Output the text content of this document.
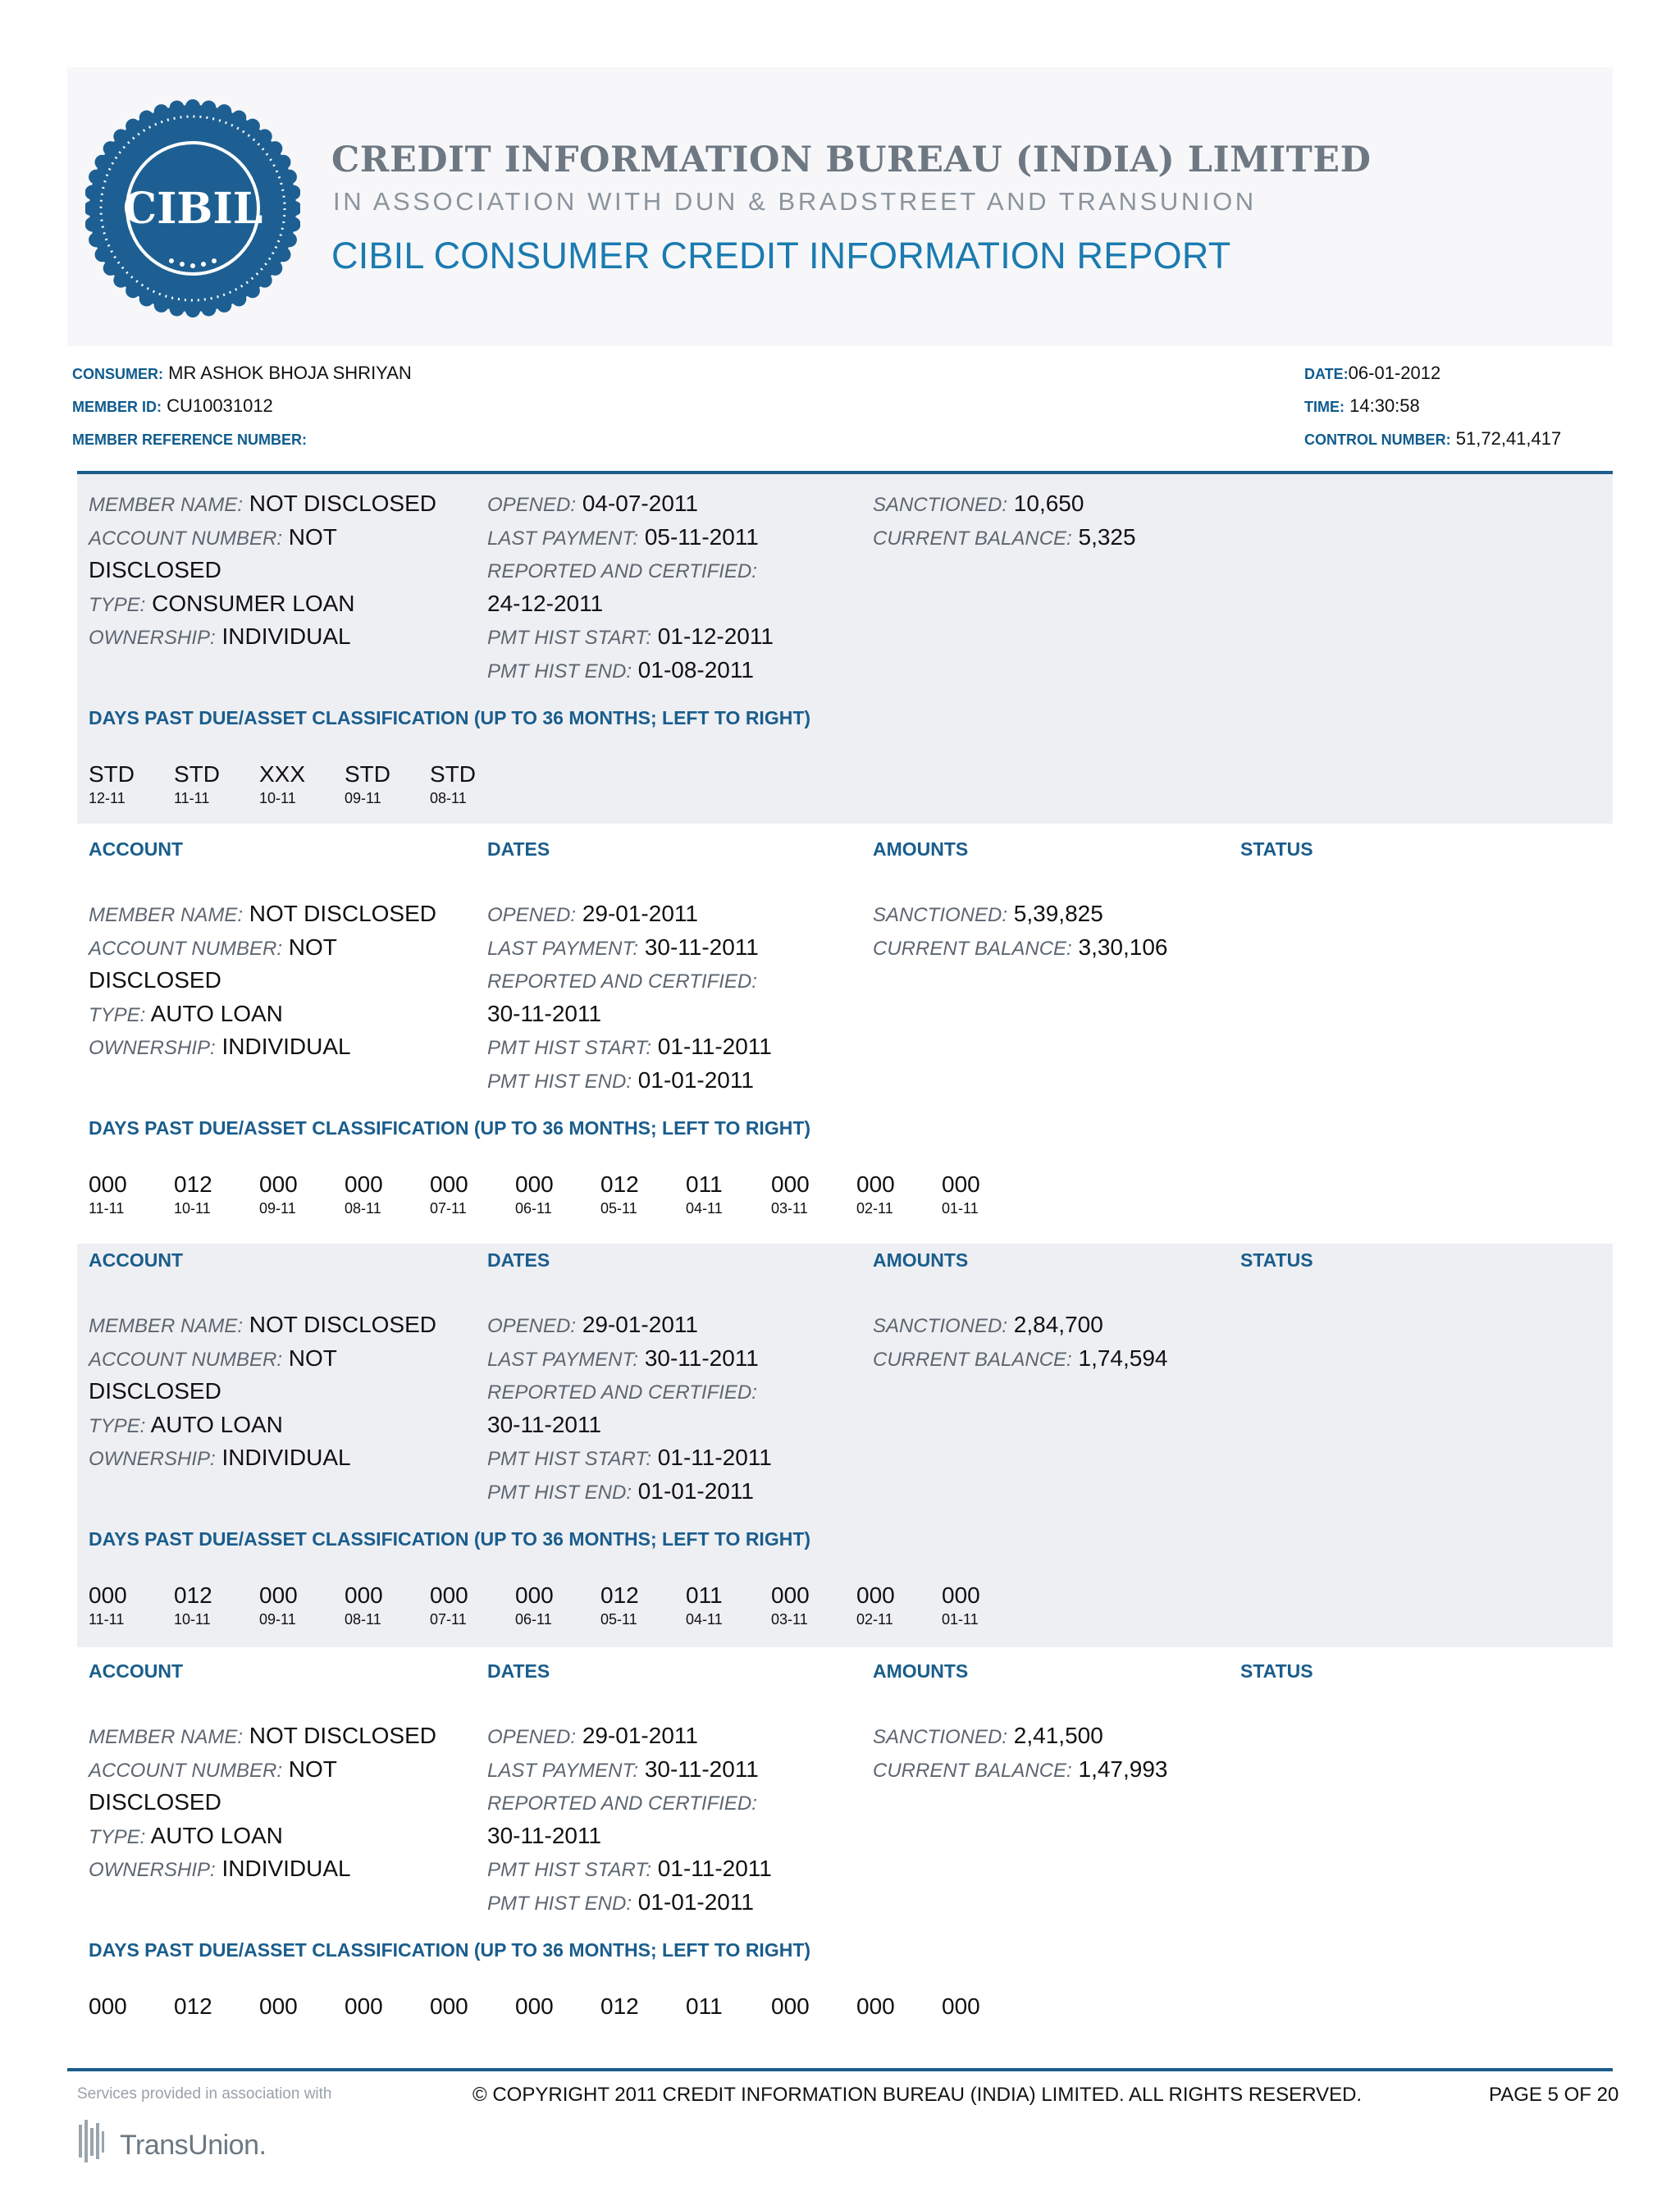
CIBIL
CREDIT INFORMATION BUREAU (INDIA) LIMITED
IN ASSOCIATION WITH DUN & BRADSTREET AND TRANSUNION
CIBIL CONSUMER CREDIT INFORMATION REPORT
CONSUMER: MR ASHOK BHOJA SHRIYAN
MEMBER ID: CU10031012
MEMBER REFERENCE NUMBER:
DATE:06-01-2012
TIME: 14:30:58
CONTROL NUMBER: 51,72,41,417
MEMBER NAME: NOT DISCLOSED
ACCOUNT NUMBER: NOT
DISCLOSED
TYPE: CONSUMER LOAN
OWNERSHIP: INDIVIDUAL
OPENED: 04-07-2011
LAST PAYMENT: 05-11-2011
REPORTED AND CERTIFIED:
24-12-2011
PMT HIST START: 01-12-2011
PMT HIST END: 01-08-2011
SANCTIONED: 10,650
CURRENT BALANCE: 5,325
DAYS PAST DUE/ASSET CLASSIFICATION (UP TO 36 MONTHS; LEFT TO RIGHT)
STD STD XXX STD STD
12-11	11-11	10-11	09-11	08-11
ACCOUNT	DATES	AMOUNTS	STATUS
MEMBER NAME: NOT DISCLOSED
ACCOUNT NUMBER: NOT
DISCLOSED
TYPE: AUTO LOAN
OWNERSHIP: INDIVIDUAL
OPENED: 29-01-2011
LAST PAYMENT: 30-11-2011
REPORTED AND CERTIFIED:
30-11-2011
PMT HIST START: 01-11-2011
PMT HIST END: 01-01-2011
SANCTIONED: 5,39,825
CURRENT BALANCE: 3,30,106
DAYS PAST DUE/ASSET CLASSIFICATION (UP TO 36 MONTHS; LEFT TO RIGHT)
000 012 000 000 000 000 012 011 000 000 000
11-11	10-11	09-11	08-11	07-11	06-11	05-11	04-11	03-11	02-11	01-11
ACCOUNT	DATES	AMOUNTS	STATUS
MEMBER NAME: NOT DISCLOSED
ACCOUNT NUMBER: NOT
DISCLOSED
TYPE: AUTO LOAN
OWNERSHIP: INDIVIDUAL
OPENED: 29-01-2011
LAST PAYMENT: 30-11-2011
REPORTED AND CERTIFIED:
30-11-2011
PMT HIST START: 01-11-2011
PMT HIST END: 01-01-2011
SANCTIONED: 2,84,700
CURRENT BALANCE: 1,74,594
DAYS PAST DUE/ASSET CLASSIFICATION (UP TO 36 MONTHS; LEFT TO RIGHT)
000 012 000 000 000 000 012 011 000 000 000
11-11	10-11	09-11	08-11	07-11	06-11	05-11	04-11	03-11	02-11	01-11
ACCOUNT	DATES	AMOUNTS	STATUS
MEMBER NAME: NOT DISCLOSED
ACCOUNT NUMBER: NOT
DISCLOSED
TYPE: AUTO LOAN
OWNERSHIP: INDIVIDUAL
OPENED: 29-01-2011
LAST PAYMENT: 30-11-2011
REPORTED AND CERTIFIED:
30-11-2011
PMT HIST START: 01-11-2011
PMT HIST END: 01-01-2011
SANCTIONED: 2,41,500
CURRENT BALANCE: 1,47,993
DAYS PAST DUE/ASSET CLASSIFICATION (UP TO 36 MONTHS; LEFT TO RIGHT)
000 012 000 000 000 000 012 011 000 000 000
Services provided in association with
TransUnion.
© COPYRIGHT 2011 CREDIT INFORMATION BUREAU (INDIA) LIMITED. ALL RIGHTS RESERVED.	PAGE 5 OF 20
